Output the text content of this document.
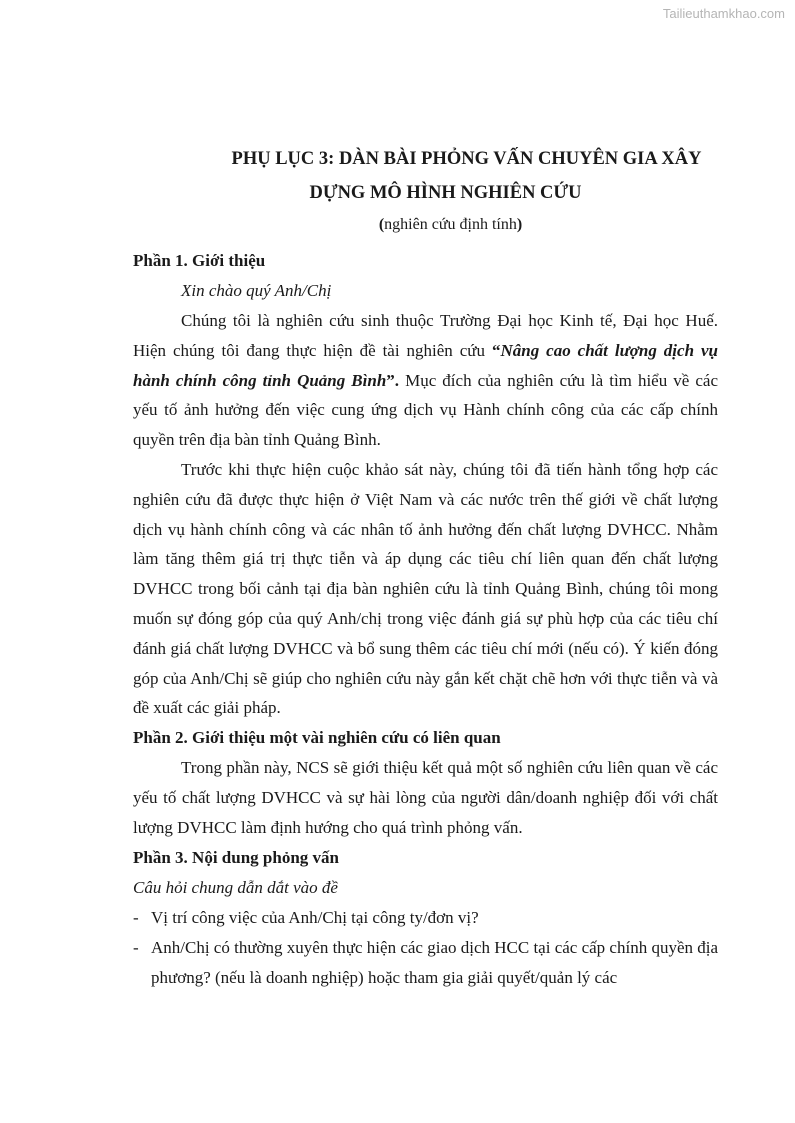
Tailieuthamkhao.com
PHỤ LỤC 3: DÀN BÀI PHỎNG VẤN CHUYÊN GIA XÂY
DỰNG MÔ HÌNH NGHIÊN CỨU
(nghiên cứu định tính)
Phần 1. Giới thiệu
Xin chào quý Anh/Chị

Chúng tôi là nghiên cứu sinh thuộc Trường Đại học Kinh tế, Đại học Huế. Hiện chúng tôi đang thực hiện đề tài nghiên cứu “Nâng cao chất lượng dịch vụ hành chính công tỉnh Quảng Bình”. Mục đích của nghiên cứu là tìm hiểu về các yếu tố ảnh hưởng đến việc cung ứng dịch vụ Hành chính công của các cấp chính quyền trên địa bàn tỉnh Quảng Bình.

Trước khi thực hiện cuộc khảo sát này, chúng tôi đã tiến hành tổng hợp các nghiên cứu đã được thực hiện ở Việt Nam và các nước trên thế giới về chất lượng dịch vụ hành chính công và các nhân tố ảnh hưởng đến chất lượng DVHCC. Nhằm làm tăng thêm giá trị thực tiễn và áp dụng các tiêu chí liên quan đến chất lượng DVHCC trong bối cảnh tại địa bàn nghiên cứu là tỉnh Quảng Bình, chúng tôi mong muốn sự đóng góp của quý Anh/chị trong việc đánh giá sự phù hợp của các tiêu chí đánh giá chất lượng DVHCC và bổ sung thêm các tiêu chí mới (nếu có). Ý kiến đóng góp của Anh/Chị sẽ giúp cho nghiên cứu này gắn kết chặt chẽ hơn với thực tiễn và và đề xuất các giải pháp.

Phần 2. Giới thiệu một vài nghiên cứu có liên quan

Trong phần này, NCS sẽ giới thiệu kết quả một số nghiên cứu liên quan về các yếu tố chất lượng DVHCC và sự hài lòng của người dân/doanh nghiệp đối với chất lượng DVHCC làm định hướng cho quá trình phỏng vấn.

Phần 3. Nội dung phỏng vấn
Câu hỏi chung dẫn dắt vào đề
- Vị trí công việc của Anh/Chị tại công ty/đơn vị?
- Anh/Chị có thường xuyên thực hiện các giao dịch HCC tại các cấp chính quyền địa phương? (nếu là doanh nghiệp) hoặc tham gia giải quyết/quản lý các
